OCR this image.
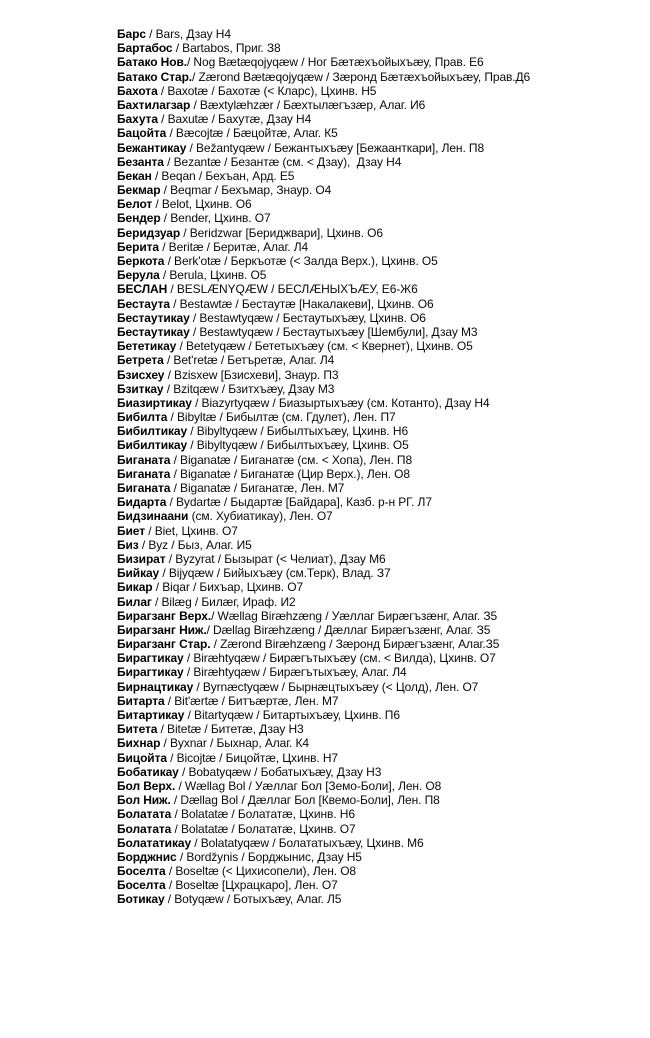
Барс / Bars, Дзау Н4
Бартабос / Bartabos, Приг. З8
Батако Нов./ Nog Bætæqojyqæw / Ног Бæтæхъойыхъæу, Прав. Е6
Батако Стар./ Zærond Bætæqojyqæw / Зæронд Бæтæхъойыхъæу, Прав.Д6
Бахота / Baxotæ / Бахотæ (< Кларс), Цхинв. Н5
Бахтилагзар / Bæxtylæhzær / Бæхтылæгъзæр, Алаг. И6
Бахута / Baxutæ / Бахутæ, Дзау Н4
Бацойта / Bæcojtæ / Бæцойтæ, Алаг. К5
Бежантикау / Bežantyqæw / Бежантыхъæу [Бежаанткари], Лен. П8
Безанта / Bezantæ / Безантæ (см. < Дзау),  Дзау Н4
Бекан / Beqan / Бехъан, Ард. Е5
Бекмар / Beqmar / Бехъмар, Знаур. О4
Белот / Belot, Цхинв. О6
Бендер / Bender, Цхинв. О7
Беридзуар / Beridzwar [Бериджвари], Цхинв. О6
Берита / Beritæ / Беритæ, Алаг. Л4
Беркота / Berk'otæ / Беркъотæ (< Залда Верх.), Цхинв. О5
Берула / Berula, Цхинв. О5
БЕСЛАН / BESLÆNYQÆW / БЕСЛÆНЫХЪÆУ, Е6-Ж6
Бестаута / Bestawtæ / Бестаутæ [Накалакеви], Цхинв. О6
Бестаутикау / Bestawtyqæw / Бестаутыхъæу, Цхинв. О6
Бестаутикау / Bestawtyqæw / Бестаутыхъæу [Шембули], Дзау М3
Бететикау / Betetyqæw / Бететыхъæу (см. < Квернет), Цхинв. О5
Бетрета / Bet'retæ / Бетъретæ, Алаг. Л4
Бзисхеу / Bzisxew [Бзисхеви], Знаур. П3
Бзиткау / Bzitqæw / Бзитхъæу, Дзау М3
Биазиртикау / Biazyrtyqæw / Биазыртыхъæу (см. Котанто), Дзау Н4
Бибилта / Bibyltæ / Бибылтæ (см. Гдулет), Лен. П7
Бибилтикау / Bibyltyqæw / Бибылтыхъæу, Цхинв. Н6
Бибилтикау / Bibyltyqæw / Бибылтыхъæу, Цхинв. О5
Биганата / Biganatæ / Биганатæ (см. < Хопа), Лен. П8
Биганата / Biganatæ / Биганатæ (Цир Верх.), Лен. О8
Биганата / Biganatæ / Биганатæ, Лен. М7
Бидарта / Bydartæ / Быдартæ [Байдара], Казб. р-н РГ. Л7
Бидзинаани (см. Хубиатикау), Лен. О7
Биет / Biet, Цхинв. О7
Биз / Byz / Быз, Алаг. И5
Бизират / Byzyrat / Бызырат (< Челиат), Дзау М6
Бийкау / Bijyqæw / Бийыхъæу (см.Терк), Влад. З7
Бикар / Biqar / Бихъар, Цхинв. О7
Билаг / Bilæg / Билæг, Ираф. И2
Бирагзанг Верх./ Wællag Biræhzæng / Уæллаг Бирæгъзæнг, Алаг. З5
Бирагзанг Ниж./ Dællag Biræhzæng / Дæллаг Бирæгъзæнг, Алаг. З5
Бирагзанг Стар. / Zærond Biræhzæng / Зæронд Бирæгъзæнг, Алаг.З5
Бирагтикау / Biræhtyqæw / Бирæгътыхъæу (см. < Вилда), Цхинв. О7
Бирагтикау / Biræhtyqæw / Бирæгътыхъæу, Алаг. Л4
Бирнацтикау / Byrnæctyqæw / Бырнæцтыхъæу (< Цолд), Лен. О7
Битарта / Bit'ærtæ / Битъæртæ, Лен. М7
Битартикау / Bitartyqæw / Битартыхъæу, Цхинв. П6
Битета / Bitetæ / Битетæ, Дзау Н3
Бихнар / Byxnar / Быхнар, Алаг. К4
Бицойта / Bicojtæ / Бицойтæ, Цхинв. Н7
Бобатикау / Bobatyqæw / Бобатыхъæу, Дзау Н3
Бол Верх. / Wællag Bol / Уæллаг Бол [Земо-Боли], Лен. О8
Бол Ниж. / Dællag Bol / Дæллаг Бол [Квемо-Боли], Лен. П8
Болатата / Bolatatæ / Болататæ, Цхинв. Н6
Болатата / Bolatatæ / Болататæ, Цхинв. О7
Болататикау / Bolatatyqæw / Болататыхъæу, Цхинв. М6
Борджнис / Bordžynis / Борджынис, Дзау Н5
Боселта / Boseltæ (< Цихисопели), Лен. О8
Боселта / Boseltæ [Цхрацкаро], Лен. О7
Ботикау / Botyqæw / Ботыхъæу, Алаг. Л5
